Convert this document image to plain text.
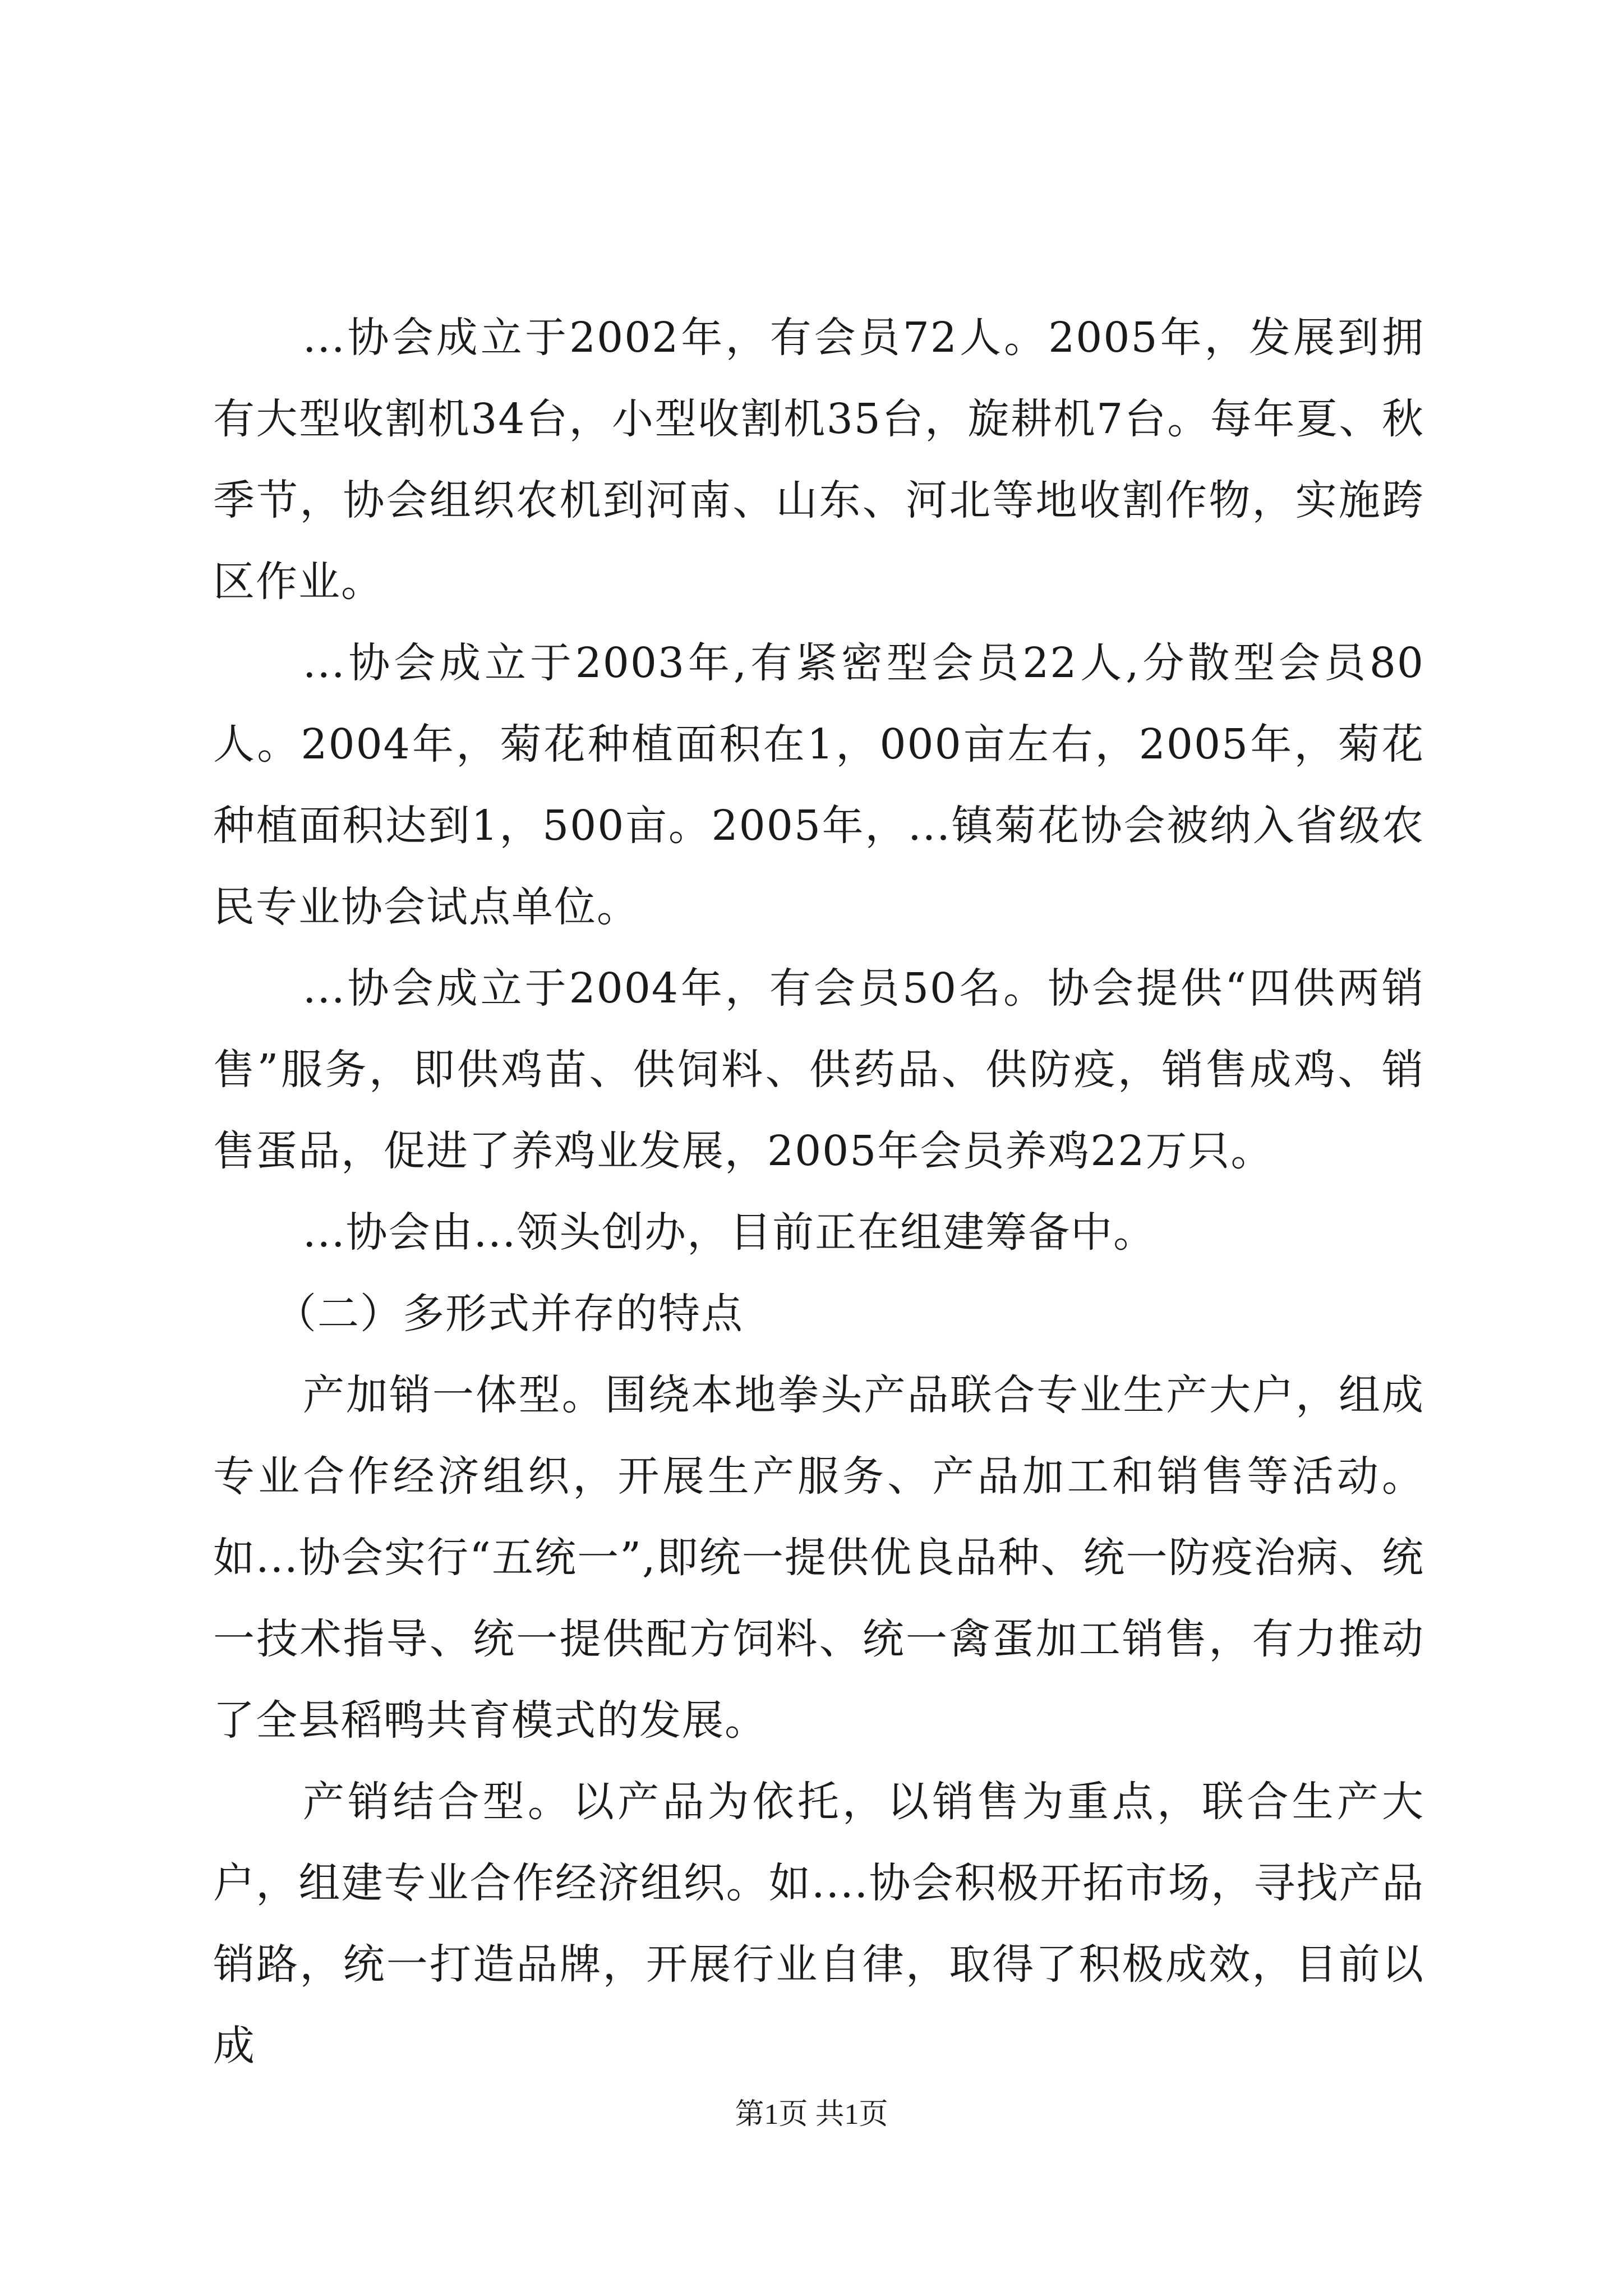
...协会成立于2002年，有会员72人。2005年，发展到拥有大型收割机34台，小型收割机35台，旋耕机7台。每年夏、秋季节，协会组织农机到河南、山东、河北等地收割作物，实施跨区作业。

...协会成立于2003年,有紧密型会员22人,分散型会员80人。2004年，菊花种植面积在1，000亩左右，2005年，菊花种植面积达到1，500亩。2005年，...镇菊花协会被纳入省级农民专业协会试点单位。

...协会成立于2004年，有会员50名。协会提供“四供两销售”服务，即供鸡苗、供饲料、供药品、供防疫，销售成鸡、销售蛋品，促进了养鸡业发展，2005年会员养鸡22万只。

...协会由...领头创办，目前正在组建筹备中。

（二）多形式并存的特点

产加销一体型。围绕本地拳头产品联合专业生产大户，组成专业合作经济组织，开展生产服务、产品加工和销售等活动。如...协会实行“五统一”,即统一提供优良品种、统一防疫治病、统一技术指导、统一提供配方饲料、统一禽蛋加工销售，有力推动了全县稻鸭共育模式的发展。

产销结合型。以产品为依托，以销售为重点，联合生产大户，组建专业合作经济组织。如....协会积极开拓市场，寻找产品销路，统一打造品牌，开展行业自律，取得了积极成效，目前以成

第1页 共1页
